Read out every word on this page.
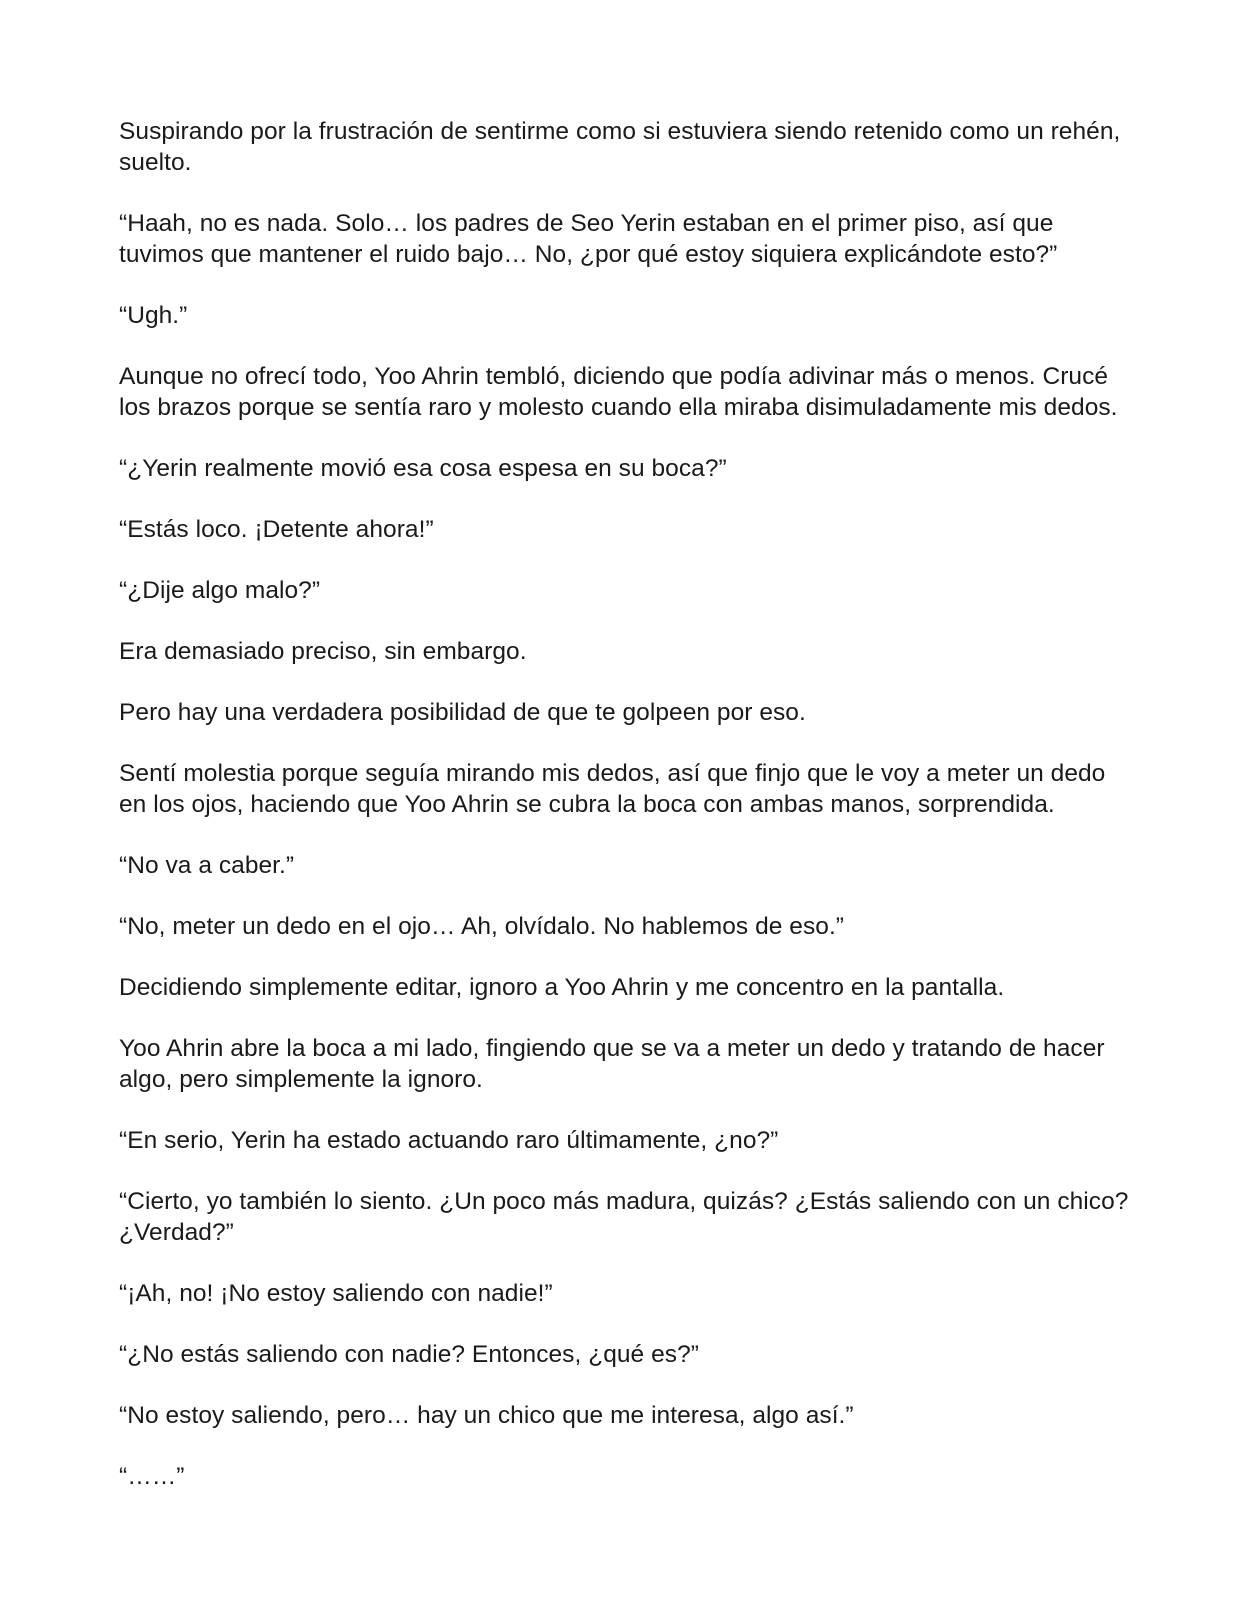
Suspirando por la frustración de sentirme como si estuviera siendo retenido como un rehén, suelto.

“Haah, no es nada. Solo… los padres de Seo Yerin estaban en el primer piso, así que tuvimos que mantener el ruido bajo… No, ¿por qué estoy siquiera explicándote esto?”

“Ugh.”

Aunque no ofrecí todo, Yoo Ahrin tembló, diciendo que podía adivinar más o menos. Crucé los brazos porque se sentía raro y molesto cuando ella miraba disimuladamente mis dedos.

“¿Yerin realmente movió esa cosa espesa en su boca?”

“Estás loco. ¡Detente ahora!”

“¿Dije algo malo?”

Era demasiado preciso, sin embargo.

Pero hay una verdadera posibilidad de que te golpeen por eso.

Sentí molestia porque seguía mirando mis dedos, así que finjo que le voy a meter un dedo en los ojos, haciendo que Yoo Ahrin se cubra la boca con ambas manos, sorprendida.

“No va a caber.”

“No, meter un dedo en el ojo… Ah, olvídalo. No hablemos de eso.”

Decidiendo simplemente editar, ignoro a Yoo Ahrin y me concentro en la pantalla.

Yoo Ahrin abre la boca a mi lado, fingiendo que se va a meter un dedo y tratando de hacer algo, pero simplemente la ignoro.

“En serio, Yerin ha estado actuando raro últimamente, ¿no?”

“Cierto, yo también lo siento. ¿Un poco más madura, quizás? ¿Estás saliendo con un chico? ¿Verdad?”

“¡Ah, no! ¡No estoy saliendo con nadie!”

“¿No estás saliendo con nadie? Entonces, ¿qué es?”

“No estoy saliendo, pero… hay un chico que me interesa, algo así.”

“……”
